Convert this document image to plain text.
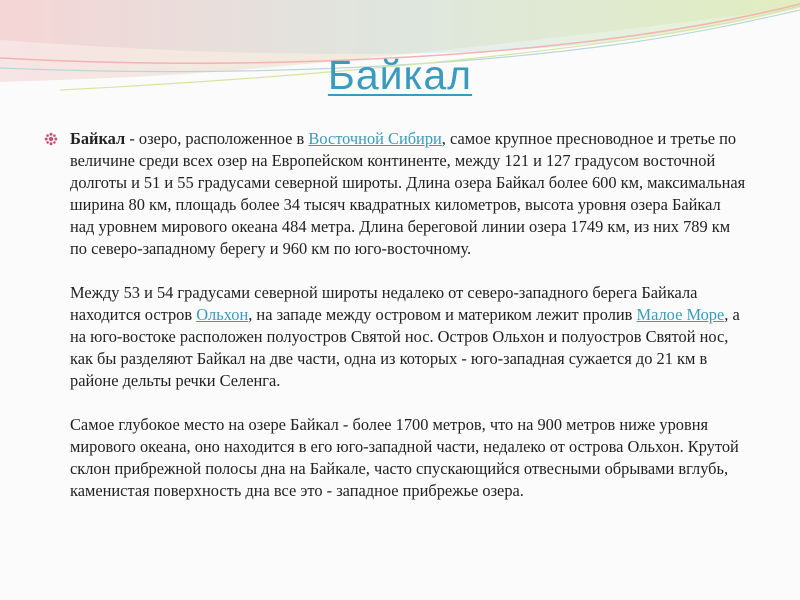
Байкал

Байкал - озеро, расположенное в Восточной Сибири, самое крупное пресноводное и третье по величине среди всех озер на Европейском континенте, между 121 и 127 градусом восточной долготы и 51 и 55 градусами северной широты. Длина озера Байкал более 600 км, максимальная ширина 80 км, площадь более 34 тысяч квадратных километров, высота уровня озера Байкал над уровнем мирового океана 484 метра. Длина береговой линии озера 1749 км, из них 789 км по северо-западному берегу и 960 км по юго-восточному.

Между 53 и 54 градусами северной широты недалеко от северо-западного берега Байкала находится остров Ольхон, на западе между островом и материком лежит пролив Малое Море, а на юго-востоке расположен полуостров Святой нос. Остров Ольхон и полуостров Святой нос, как бы разделяют Байкал на две части, одна из которых - юго-западная сужается до 21 км в районе дельты речки Селенга.

Самое глубокое место на озере Байкал - более 1700 метров, что на 900 метров ниже уровня мирового океана, оно находится в его юго-западной части, недалеко от острова Ольхон. Крутой склон прибрежной полосы дна на Байкале, часто спускающийся отвесными обрывами вглубь, каменистая поверхность дна все это - западное прибрежье озера.
